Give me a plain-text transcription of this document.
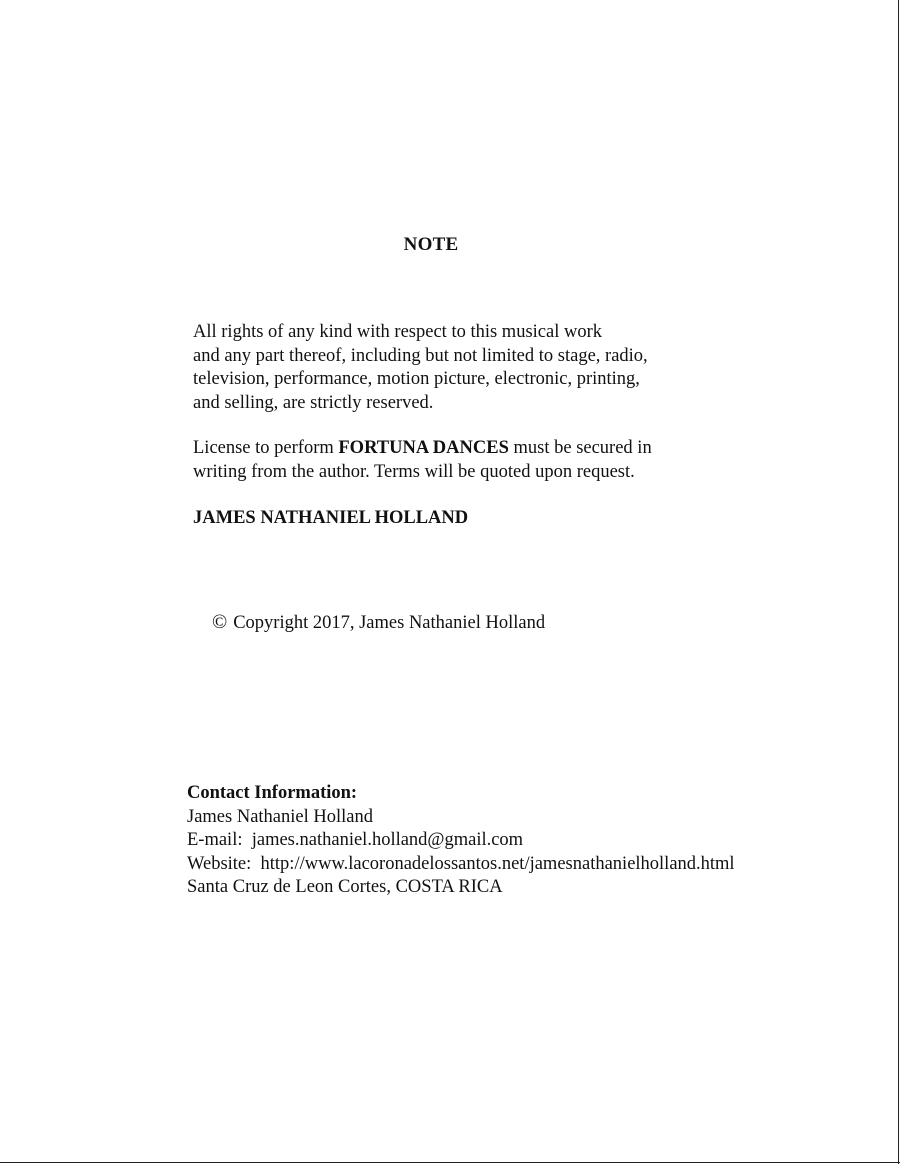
NOTE
All rights of any kind with respect to this musical work
and any part thereof, including but not limited to stage, radio,
television, performance, motion picture, electronic, printing,
and selling, are strictly reserved.
License to perform FORTUNA DANCES must be secured in
writing from the author. Terms will be quoted upon request.
JAMES NATHANIEL HOLLAND
© Copyright 2017, James Nathaniel Holland
Contact Information:
James Nathaniel Holland
E-mail: james.nathaniel.holland@gmail.com
Website: http://www.lacoronadelossantos.net/jamesnathanielholland.html
Santa Cruz de Leon Cortes, COSTA RICA
